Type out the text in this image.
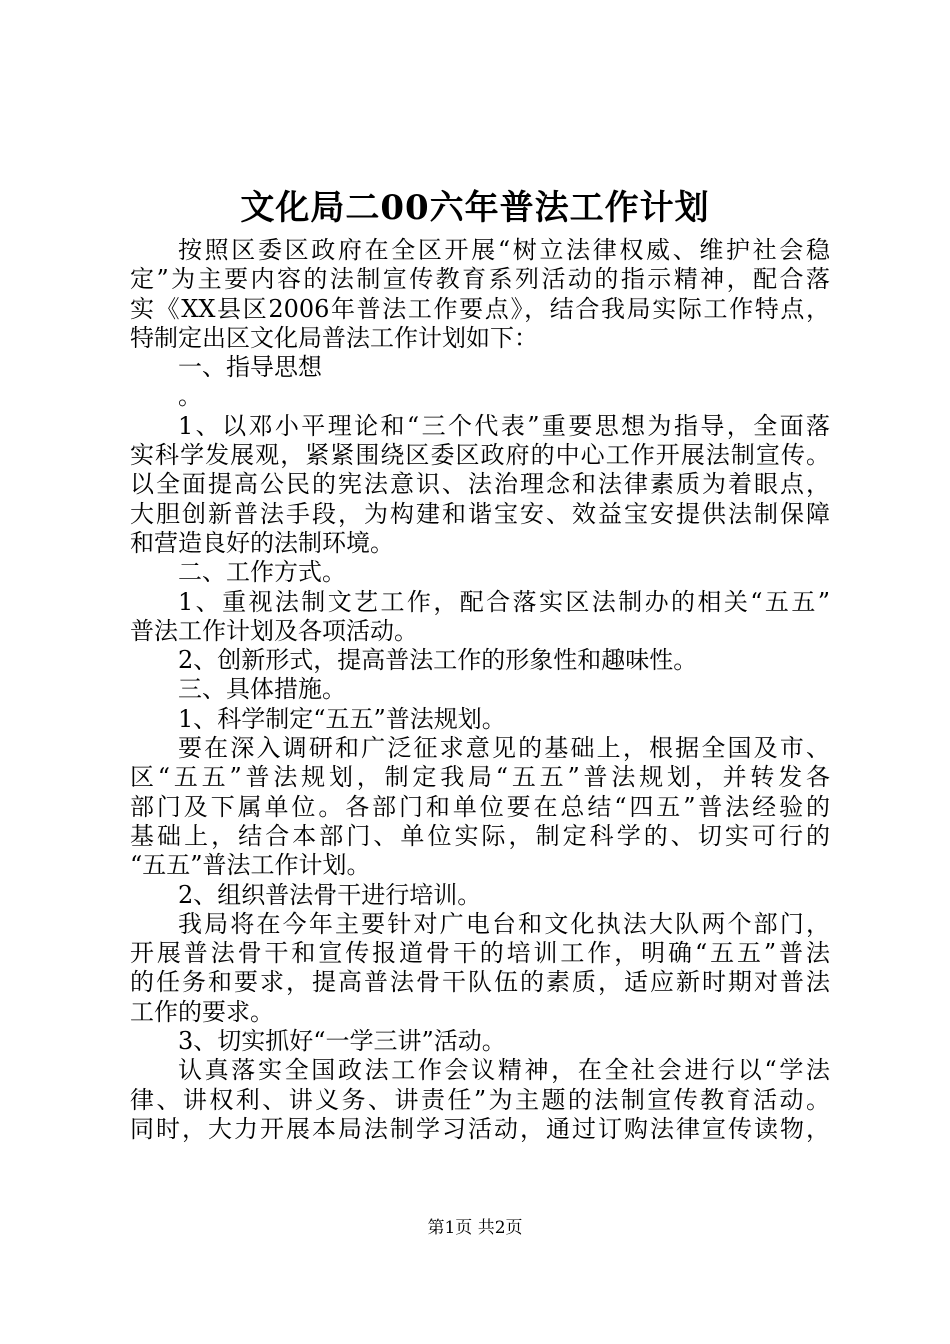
文化局二00六年普法工作计划
按照区委区政府在全区开展“树立法律权威、维护社会稳
定”为主要内容的法制宣传教育系列活动的指示精神，配合落
实《XX县区2006年普法工作要点》，结合我局实际工作特点，
特制定出区文化局普法工作计划如下：
一、指导思想
。
1、以邓小平理论和“三个代表”重要思想为指导，全面落
实科学发展观，紧紧围绕区委区政府的中心工作开展法制宣传。
以全面提高公民的宪法意识、法治理念和法律素质为着眼点，
大胆创新普法手段，为构建和谐宝安、效益宝安提供法制保障
和营造良好的法制环境。
二、工作方式。
1、重视法制文艺工作，配合落实区法制办的相关“五五”
普法工作计划及各项活动。
2、创新形式，提高普法工作的形象性和趣味性。
三、具体措施。
1、科学制定“五五”普法规划。
要在深入调研和广泛征求意见的基础上，根据全国及市、
区“五五”普法规划，制定我局“五五”普法规划，并转发各
部门及下属单位。各部门和单位要在总结“四五”普法经验的
基础上，结合本部门、单位实际，制定科学的、切实可行的
“五五”普法工作计划。
2、组织普法骨干进行培训。
我局将在今年主要针对广电台和文化执法大队两个部门，
开展普法骨干和宣传报道骨干的培训工作，明确“五五”普法
的任务和要求，提高普法骨干队伍的素质，适应新时期对普法
工作的要求。
3、切实抓好“一学三讲”活动。
认真落实全国政法工作会议精神，在全社会进行以“学法
律、讲权利、讲义务、讲责任”为主题的法制宣传教育活动。
同时，大力开展本局法制学习活动，通过订购法律宣传读物，
第1页 共2页
